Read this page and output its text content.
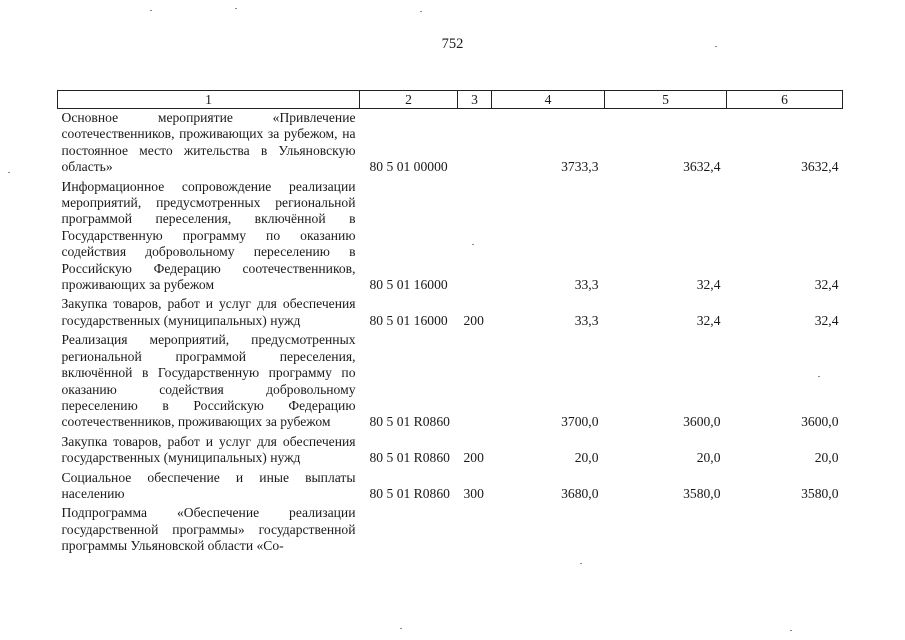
752
1	2	3	4	5	6
Основное мероприятие «Привлечение соотечественников, проживающих за рубежом, на постоянное место жительства в Ульяновскую область»	80 5 01 00000		3733,3	3632,4	3632,4
Информационное сопровождение реализации мероприятий, предусмотренных региональной программой переселения, включённой в Государственную программу по оказанию содействия добровольному переселению в Российскую Федерацию соотечественников, проживающих за рубежом	80 5 01 16000		33,3	32,4	32,4
Закупка товаров, работ и услуг для обеспечения государственных (муниципальных) нужд	80 5 01 16000	200	33,3	32,4	32,4
Реализация мероприятий, предусмотренных региональной программой переселения, включённой в Государственную программу по оказанию содействия добровольному переселению в Российскую Федерацию соотечественников, проживающих за рубежом	80 5 01 R0860		3700,0	3600,0	3600,0
Закупка товаров, работ и услуг для обеспечения государственных (муниципальных) нужд	80 5 01 R0860	200	20,0	20,0	20,0
Социальное обеспечение и иные выплаты населению	80 5 01 R0860	300	3680,0	3580,0	3580,0
Подпрограмма «Обеспечение реализации государственной программы» государственной программы Ульяновской области «Со-					
